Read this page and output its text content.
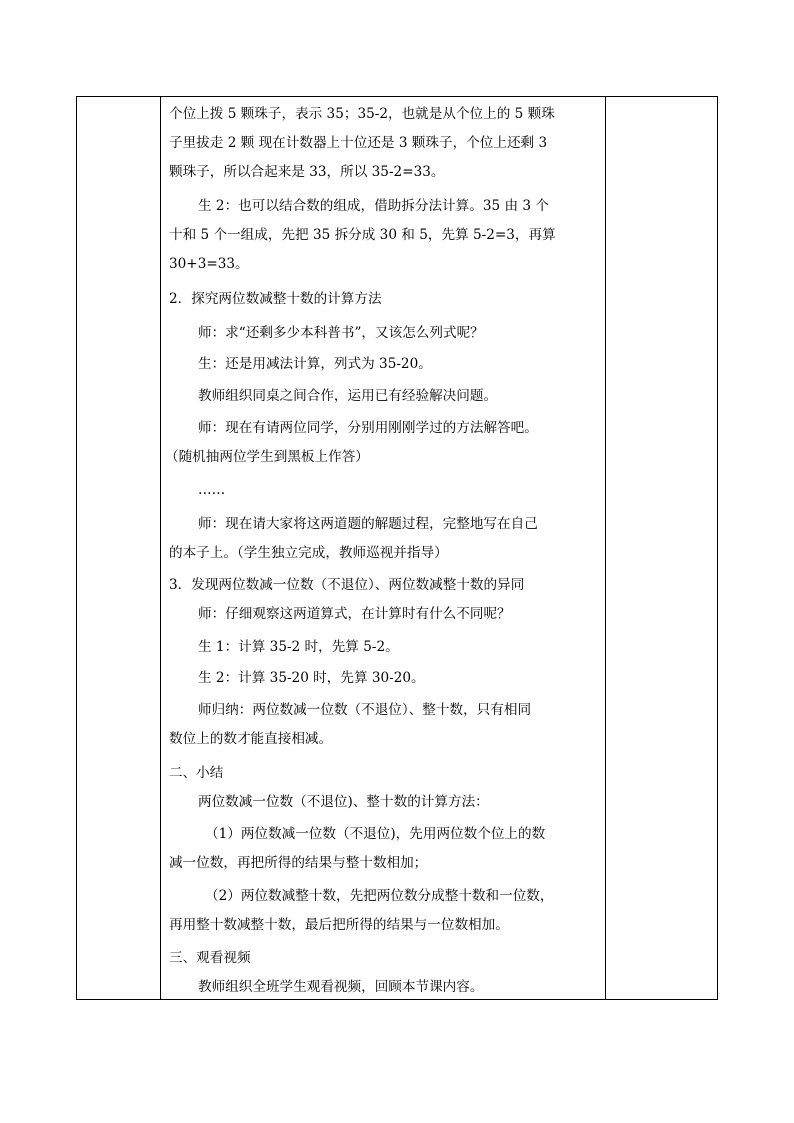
个位上拨 5 颗珠子，表示 35；35-2，也就是从个位上的 5 颗珠
子里拔走 2 颗 现在计数器上十位还是 3 颗珠子，个位上还剩 3
颗珠子，所以合起来是 33，所以 35-2=33。
生 2：也可以结合数的组成，借助拆分法计算。35 由 3 个
十和 5 个一组成，先把 35 拆分成 30 和 5，先算 5-2=3，再算
30+3=33。
2．探究两位数减整十数的计算方法
师：求“还剩多少本科普书”，又该怎么列式呢？
生：还是用减法计算，列式为 35-20。
教师组织同桌之间合作，运用已有经验解决问题。
师：现在有请两位同学，分别用刚刚学过的方法解答吧。
（随机抽两位学生到黑板上作答）
……
师：现在请大家将这两道题的解题过程，完整地写在自己
的本子上。（学生独立完成，教师巡视并指导）
3．发现两位数减一位数（不退位）、两位数减整十数的异同
师：仔细观察这两道算式，在计算时有什么不同呢？
生 1：计算 35-2 时，先算 5-2。
生 2：计算 35-20 时，先算 30-20。
师归纳：两位数减一位数（不退位）、整十数，只有相同
数位上的数才能直接相减。
二、小结
两位数减一位数（不退位)、整十数的计算方法：
（1）两位数减一位数（不退位)，先用两位数个位上的数
减一位数，再把所得的结果与整十数相加；
（2）两位数减整十数，先把两位数分成整十数和一位数，
再用整十数减整十数，最后把所得的结果与一位数相加。
三、观看视频
教师组织全班学生观看视频，回顾本节课内容。
